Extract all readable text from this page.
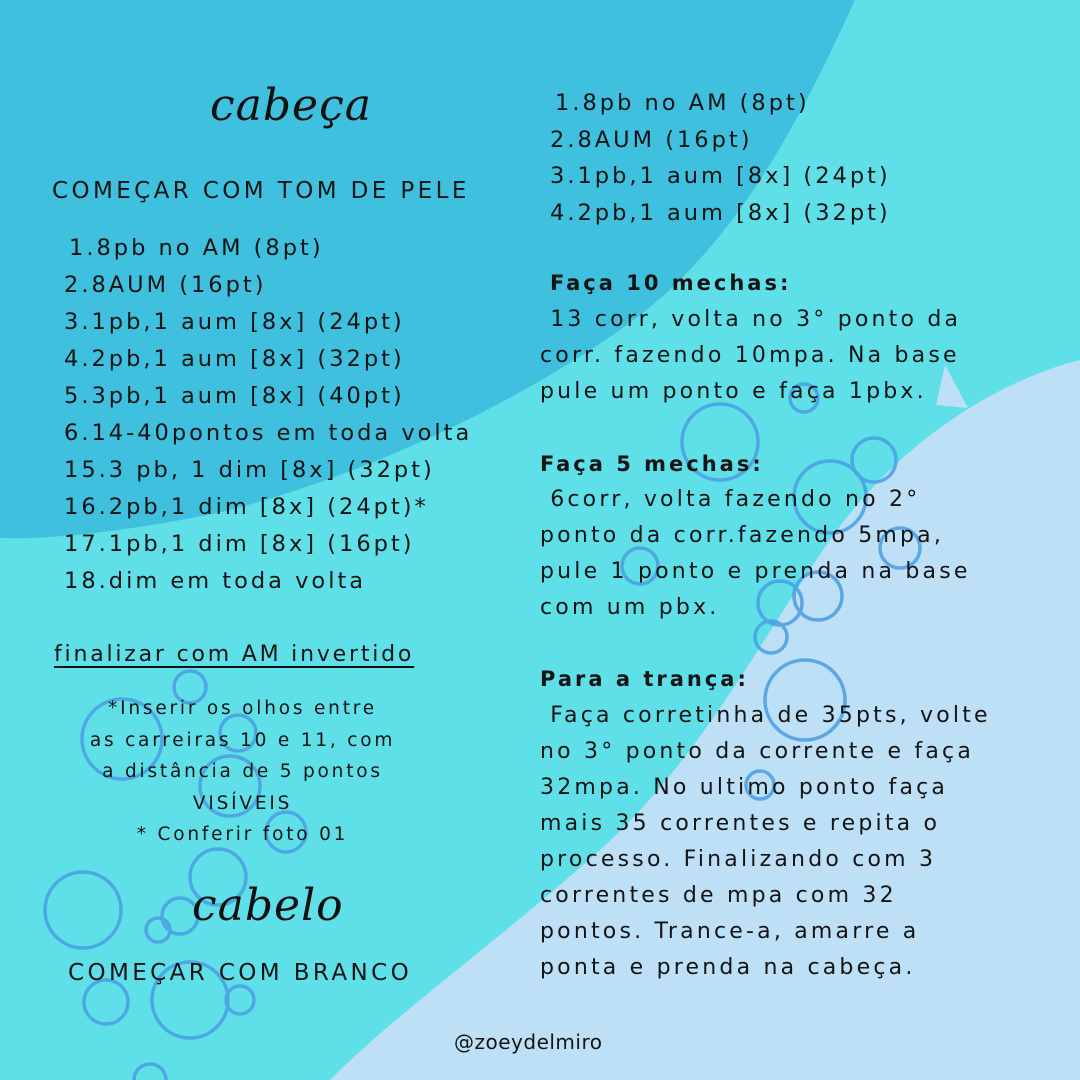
cabeça
COMEÇAR COM TOM DE PELE
1.8pb no AM (8pt)
2.8AUM (16pt)
3.1pb,1 aum [8x] (24pt)
4.2pb,1 aum [8x] (32pt)
5.3pb,1 aum [8x] (40pt)
6.14-40pontos em toda volta
15.3 pb, 1 dim [8x] (32pt)
16.2pb,1 dim [8x] (24pt)*
17.1pb,1 dim [8x] (16pt)
18.dim em toda volta
finalizar com AM invertido
*Inserir os olhos entre
as carreiras 10 e 11, com
a distância de 5 pontos
VISÍVEIS
* Conferir foto 01
cabelo
COMEÇAR COM BRANCO
1.8pb no AM (8pt)
2.8AUM (16pt)
3.1pb,1 aum [8x] (24pt)
4.2pb,1 aum [8x] (32pt)
Faça 10 mechas:
13 corr, volta no 3° ponto da
corr. fazendo 10mpa. Na base
pule um ponto e faça 1pbx.
Faça 5 mechas:
6corr, volta fazendo no 2°
ponto da corr.fazendo 5mpa,
pule 1 ponto e prenda na base
com um pbx.
Para a trança:
Faça corretinha de 35pts, volte
no 3° ponto da corrente e faça
32mpa. No ultimo ponto faça
mais 35 correntes e repita o
processo. Finalizando com 3
correntes de mpa com 32
pontos. Trance-a, amarre a
ponta e prenda na cabeça.
@zoeydelmiro
